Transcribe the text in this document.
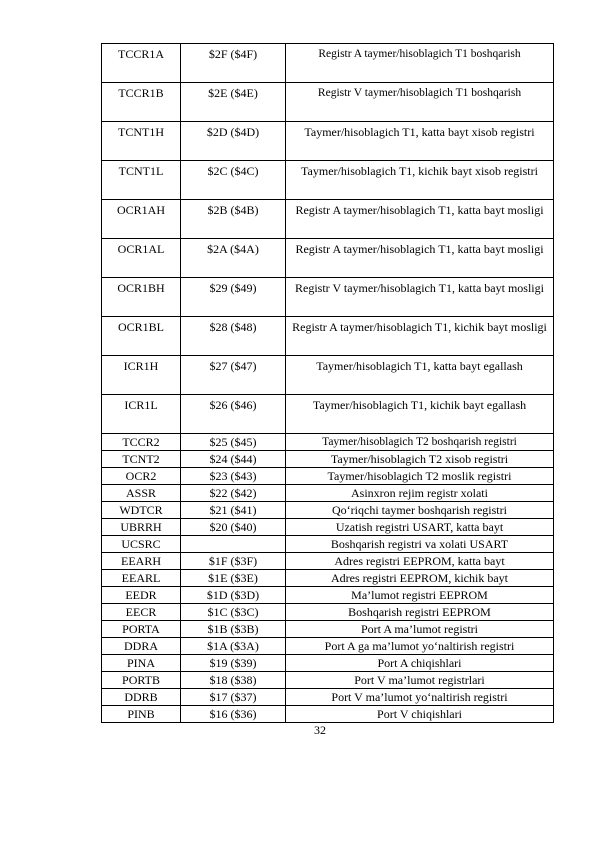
TCCR1A	$2F ($4F)	Registr A taymer/hisoblagich T1 boshqarish
TCCR1B	$2E ($4E)	Registr V taymer/hisoblagich T1 boshqarish
TCNT1H	$2D ($4D)	Taymer/hisoblagich T1, katta bayt xisob registri
TCNT1L	$2C ($4C)	Taymer/hisoblagich T1, kichik bayt xisob registri
OCR1AH	$2B ($4B)	Registr A taymer/hisoblagich T1, katta bayt mosligi
OCR1AL	$2A ($4A)	Registr A taymer/hisoblagich T1, katta bayt mosligi
OCR1BH	$29 ($49)	Registr V taymer/hisoblagich T1, katta bayt mosligi
OCR1BL	$28 ($48)	Registr A taymer/hisoblagich T1, kichik bayt mosligi
ICR1H	$27 ($47)	Taymer/hisoblagich T1, katta bayt egallash
ICR1L	$26 ($46)	Taymer/hisoblagich T1, kichik bayt egallash
TCCR2	$25 ($45)	Taymer/hisoblagich T2 boshqarish registri
TCNT2	$24 ($44)	Taymer/hisoblagich T2 xisob registri
OCR2	$23 ($43)	Taymer/hisoblagich T2 moslik registri
ASSR	$22 ($42)	Asinxron rejim registr xolati
WDTCR	$21 ($41)	Qo‘riqchi taymer boshqarish registri
UBRRH	$20 ($40)	Uzatish registri USART, katta bayt
UCSRC		Boshqarish registri va xolati USART
EEARH	$1F ($3F)	Adres registri EEPROM, katta bayt
EEARL	$1E ($3E)	Adres registri EEPROM, kichik bayt
EEDR	$1D ($3D)	Ma’lumot registri EEPROM
EECR	$1C ($3C)	Boshqarish registri EEPROM
PORTA	$1B ($3B)	Port A ma’lumot registri
DDRA	$1A ($3A)	Port A ga ma’lumot yo‘naltirish registri
PINA	$19 ($39)	Port A chiqishlari
PORTB	$18 ($38)	Port V ma’lumot registrlari
DDRB	$17 ($37)	Port V ma’lumot yo‘naltirish registri
PINB	$16 ($36)	Port V chiqishlari
32
